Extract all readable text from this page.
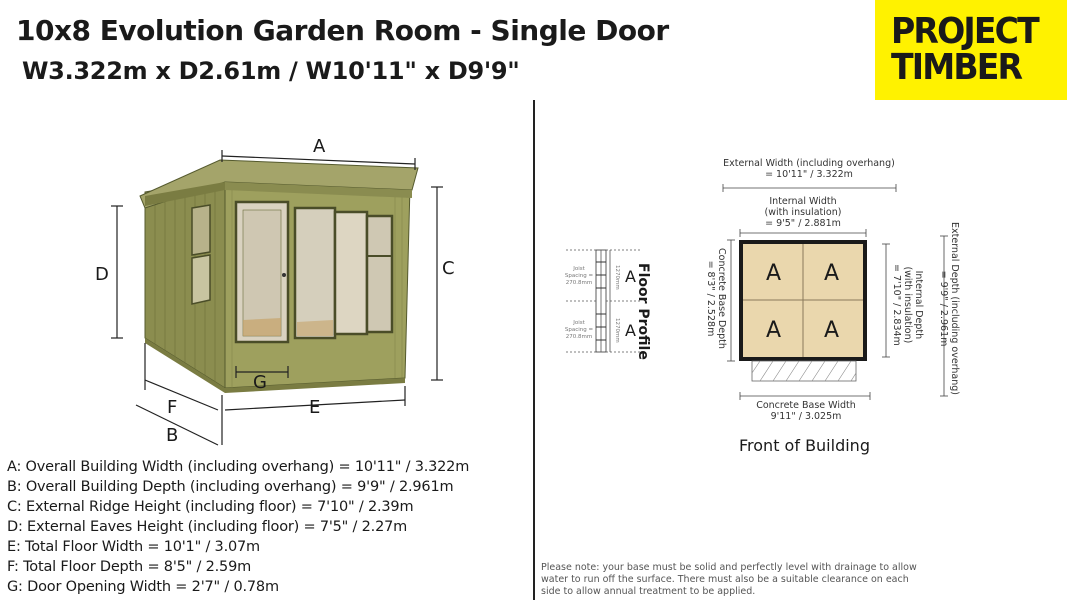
10x8 Evolution Garden Room - Single Door
W3.322m x D2.61m / W10'11" x D9'9"
PROJECT
TIMBER
A
C
D
G
F	E
B
A: Overall Building Width (including overhang) = 10'11" / 3.322m
B: Overall Building Depth (including overhang) = 9'9" / 2.961m
C: External Ridge Height (including floor) = 7'10" / 2.39m
D: External Eaves Height (including floor) = 7'5" / 2.27m
E: Total Floor Width = 10'1" / 3.07m
F: Total Floor Depth = 8'5" / 2.59m
G: Door Opening Width = 2'7" / 0.78m
Floor Profile
A
A
Joist Spacing = 270.8mm
Joist Spacing = 270.8mm
1270mm
1270mm
External Width (including overhang)
= 10'11" / 3.322m
Internal Width
(with insulation)
= 9'5" / 2.881m
Concrete Base Depth
= 8'3" / 2.528m	Internal Depth
(with insulation)
= 7'10" / 2.834m	External Depth (including overhang)
= 9'9" / 2.961m
Concrete Base Width
9'11" / 3.025m
A A
A A
Front of Building
Please note: your base must be solid and perfectly level with drainage to allow water to run off the surface. There must also be a suitable clearance on each side to allow annual treatment to be applied.
